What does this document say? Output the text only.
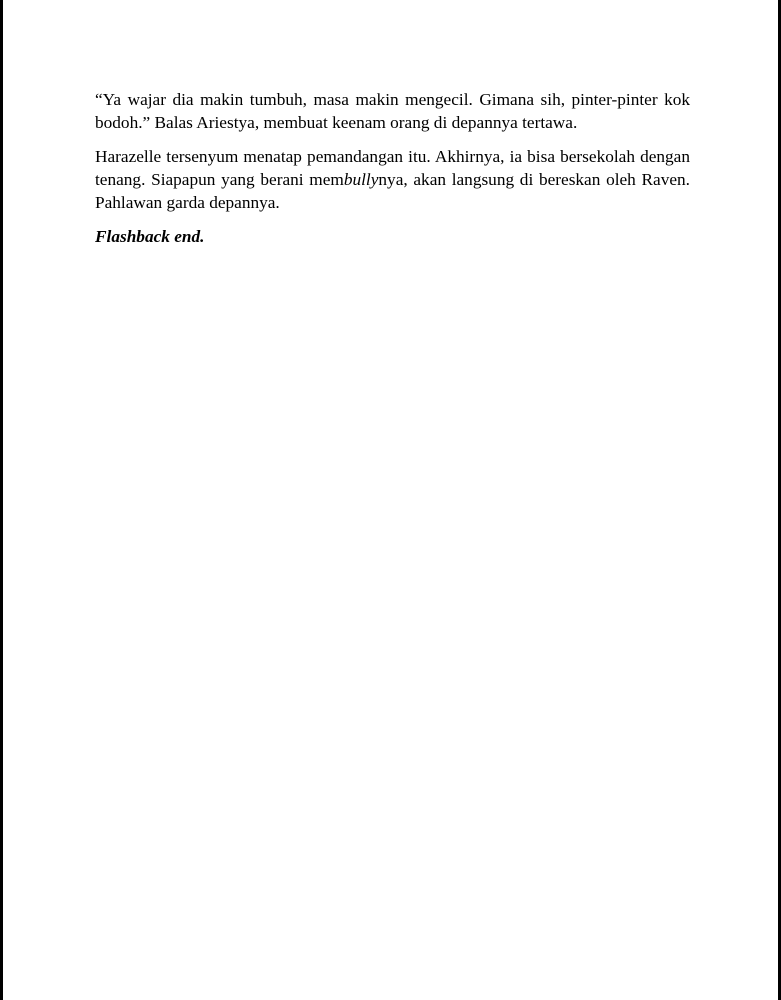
“Ya wajar dia makin tumbuh, masa makin mengecil. Gimana sih, pinter-pinter kok bodoh.” Balas Ariestya, membuat keenam orang di depannya tertawa.

Harazelle tersenyum menatap pemandangan itu. Akhirnya, ia bisa bersekolah dengan tenang. Siapapun yang berani membullynya, akan langsung di bereskan oleh Raven. Pahlawan garda depannya.

Flashback end.
